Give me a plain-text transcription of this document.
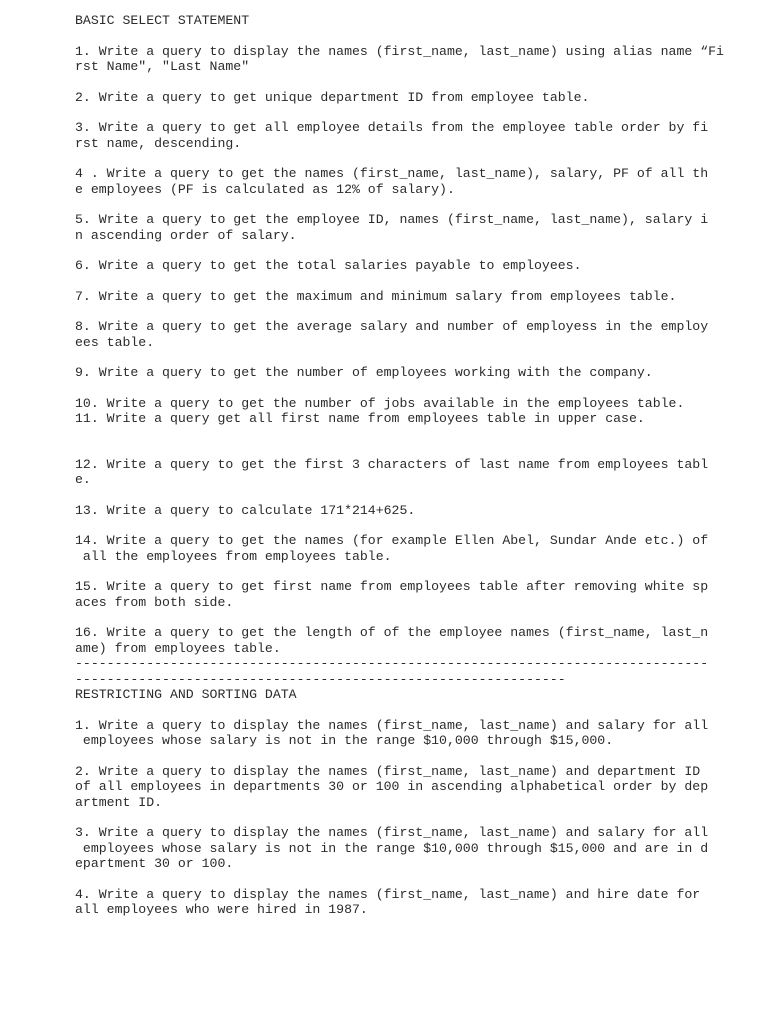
BASIC SELECT STATEMENT
1. Write a query to display the names (first_name, last_name) using alias name “Fi
rst Name", "Last Name"
2. Write a query to get unique department ID from employee table.
3. Write a query to get all employee details from the employee table order by fi
rst name, descending.
4 . Write a query to get the names (first_name, last_name), salary, PF of all th
e employees (PF is calculated as 12% of salary).
5. Write a query to get the employee ID, names (first_name, last_name), salary i
n ascending order of salary.
6. Write a query to get the total salaries payable to employees.
7. Write a query to get the maximum and minimum salary from employees table.
8. Write a query to get the average salary and number of employess in the employ
ees table.
9. Write a query to get the number of employees working with the company.
10. Write a query to get the number of jobs available in the employees table.
11. Write a query get all first name from employees table in upper case.
12. Write a query to get the first 3 characters of last name from employees tabl
e.
13. Write a query to calculate 171*214+625.
14. Write a query to get the names (for example Ellen Abel, Sundar Ande etc.) of
all the employees from employees table.
15. Write a query to get first name from employees table after removing white sp
aces from both side.
16. Write a query to get the length of of the employee names (first_name, last_n
ame) from employees table.
--------------------------------------------------------------------------------
--------------------------------------------------------------
RESTRICTING AND SORTING DATA
1. Write a query to display the names (first_name, last_name) and salary for all
employees whose salary is not in the range $10,000 through $15,000.
2. Write a query to display the names (first_name, last_name) and department ID
of all employees in departments 30 or 100 in ascending alphabetical order by dep
artment ID.
3. Write a query to display the names (first_name, last_name) and salary for all
employees whose salary is not in the range $10,000 through $15,000 and are in d
epartment 30 or 100.
4. Write a query to display the names (first_name, last_name) and hire date for
all employees who were hired in 1987.
